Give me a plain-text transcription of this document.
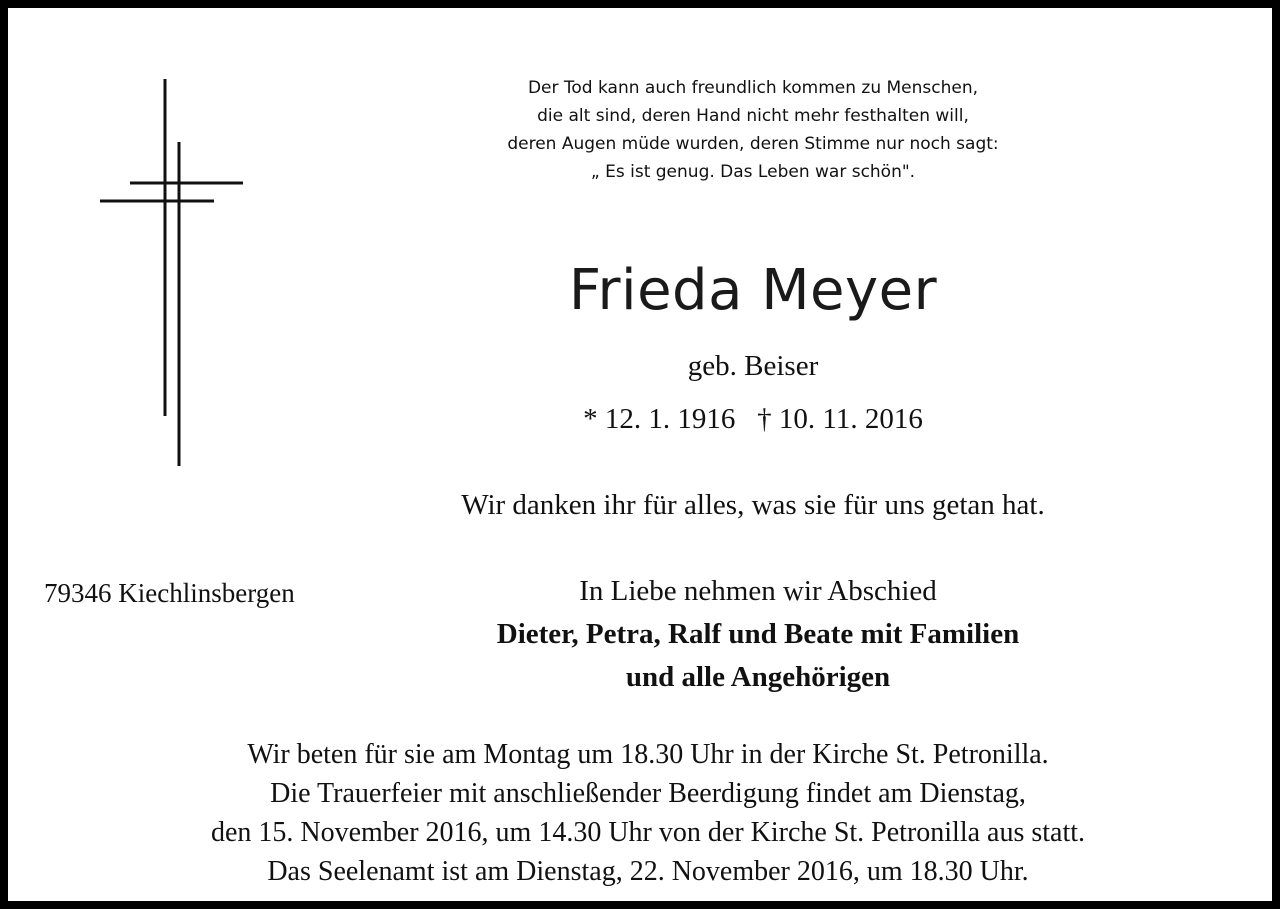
Der Tod kann auch freundlich kommen zu Menschen,
die alt sind, deren Hand nicht mehr festhalten will,
deren Augen müde wurden, deren Stimme nur noch sagt:
„ Es ist genug. Das Leben war schön".
Frieda Meyer
geb. Beiser
* 12. 1. 1916   † 10. 11. 2016
Wir danken ihr für alles, was sie für uns getan hat.
79346 Kiechlinsbergen	In Liebe nehmen wir Abschied
Dieter, Petra, Ralf und Beate mit Familien
und alle Angehörigen
Wir beten für sie am Montag um 18.30 Uhr in der Kirche St. Petronilla.
Die Trauerfeier mit anschließender Beerdigung findet am Dienstag,
den 15. November 2016, um 14.30 Uhr von der Kirche St. Petronilla aus statt.
Das Seelenamt ist am Dienstag, 22. November 2016, um 18.30 Uhr.
